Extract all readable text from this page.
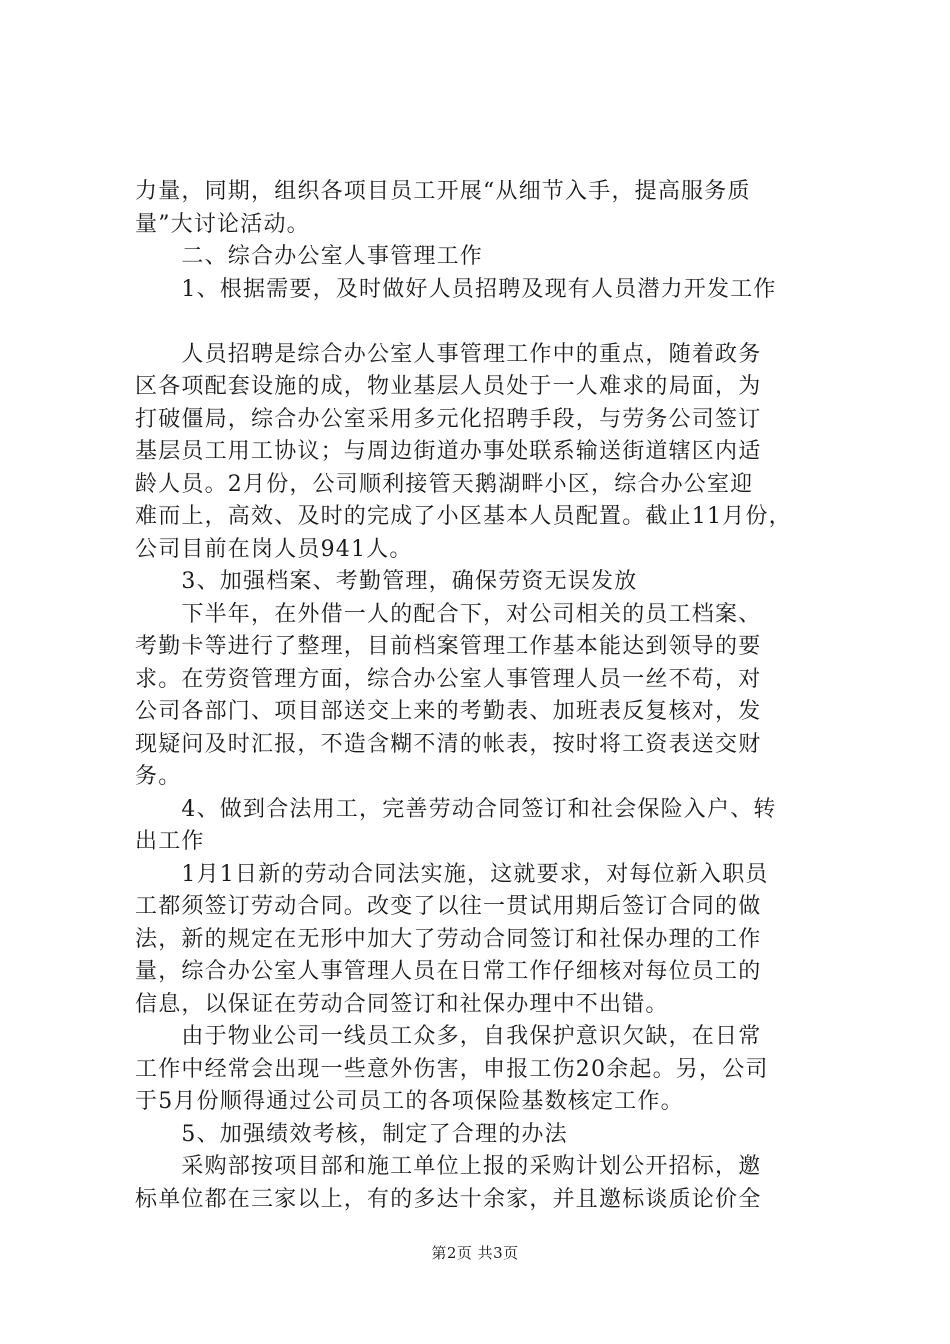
力量，同期，组织各项目员工开展“从细节入手，提高服务质
量”大讨论活动。
　　二、综合办公室人事管理工作
　　1、根据需要，及时做好人员招聘及现有人员潜力开发工作
　　人员招聘是综合办公室人事管理工作中的重点，随着政务
区各项配套设施的成，物业基层人员处于一人难求的局面，为
打破僵局，综合办公室采用多元化招聘手段，与劳务公司签订
基层员工用工协议；与周边街道办事处联系输送街道辖区内适
龄人员。2月份，公司顺利接管天鹅湖畔小区，综合办公室迎
难而上，高效、及时的完成了小区基本人员配置。截止11月份，
公司目前在岗人员941人。
　　3、加强档案、考勤管理，确保劳资无误发放
　　下半年，在外借一人的配合下，对公司相关的员工档案、
考勤卡等进行了整理，目前档案管理工作基本能达到领导的要
求。在劳资管理方面，综合办公室人事管理人员一丝不苟，对
公司各部门、项目部送交上来的考勤表、加班表反复核对，发
现疑问及时汇报，不造含糊不清的帐表，按时将工资表送交财
务。
　　4、做到合法用工，完善劳动合同签订和社会保险入户、转
出工作
　　1月1日新的劳动合同法实施，这就要求，对每位新入职员
工都须签订劳动合同。改变了以往一贯试用期后签订合同的做
法，新的规定在无形中加大了劳动合同签订和社保办理的工作
量，综合办公室人事管理人员在日常工作仔细核对每位员工的
信息，以保证在劳动合同签订和社保办理中不出错。
　　由于物业公司一线员工众多，自我保护意识欠缺，在日常
工作中经常会出现一些意外伤害，申报工伤20余起。另，公司
于5月份顺得通过公司员工的各项保险基数核定工作。
　　5、加强绩效考核，制定了合理的办法
　　采购部按项目部和施工单位上报的采购计划公开招标，邀
标单位都在三家以上，有的多达十余家，并且邀标谈质论价全
第2页 共3页
